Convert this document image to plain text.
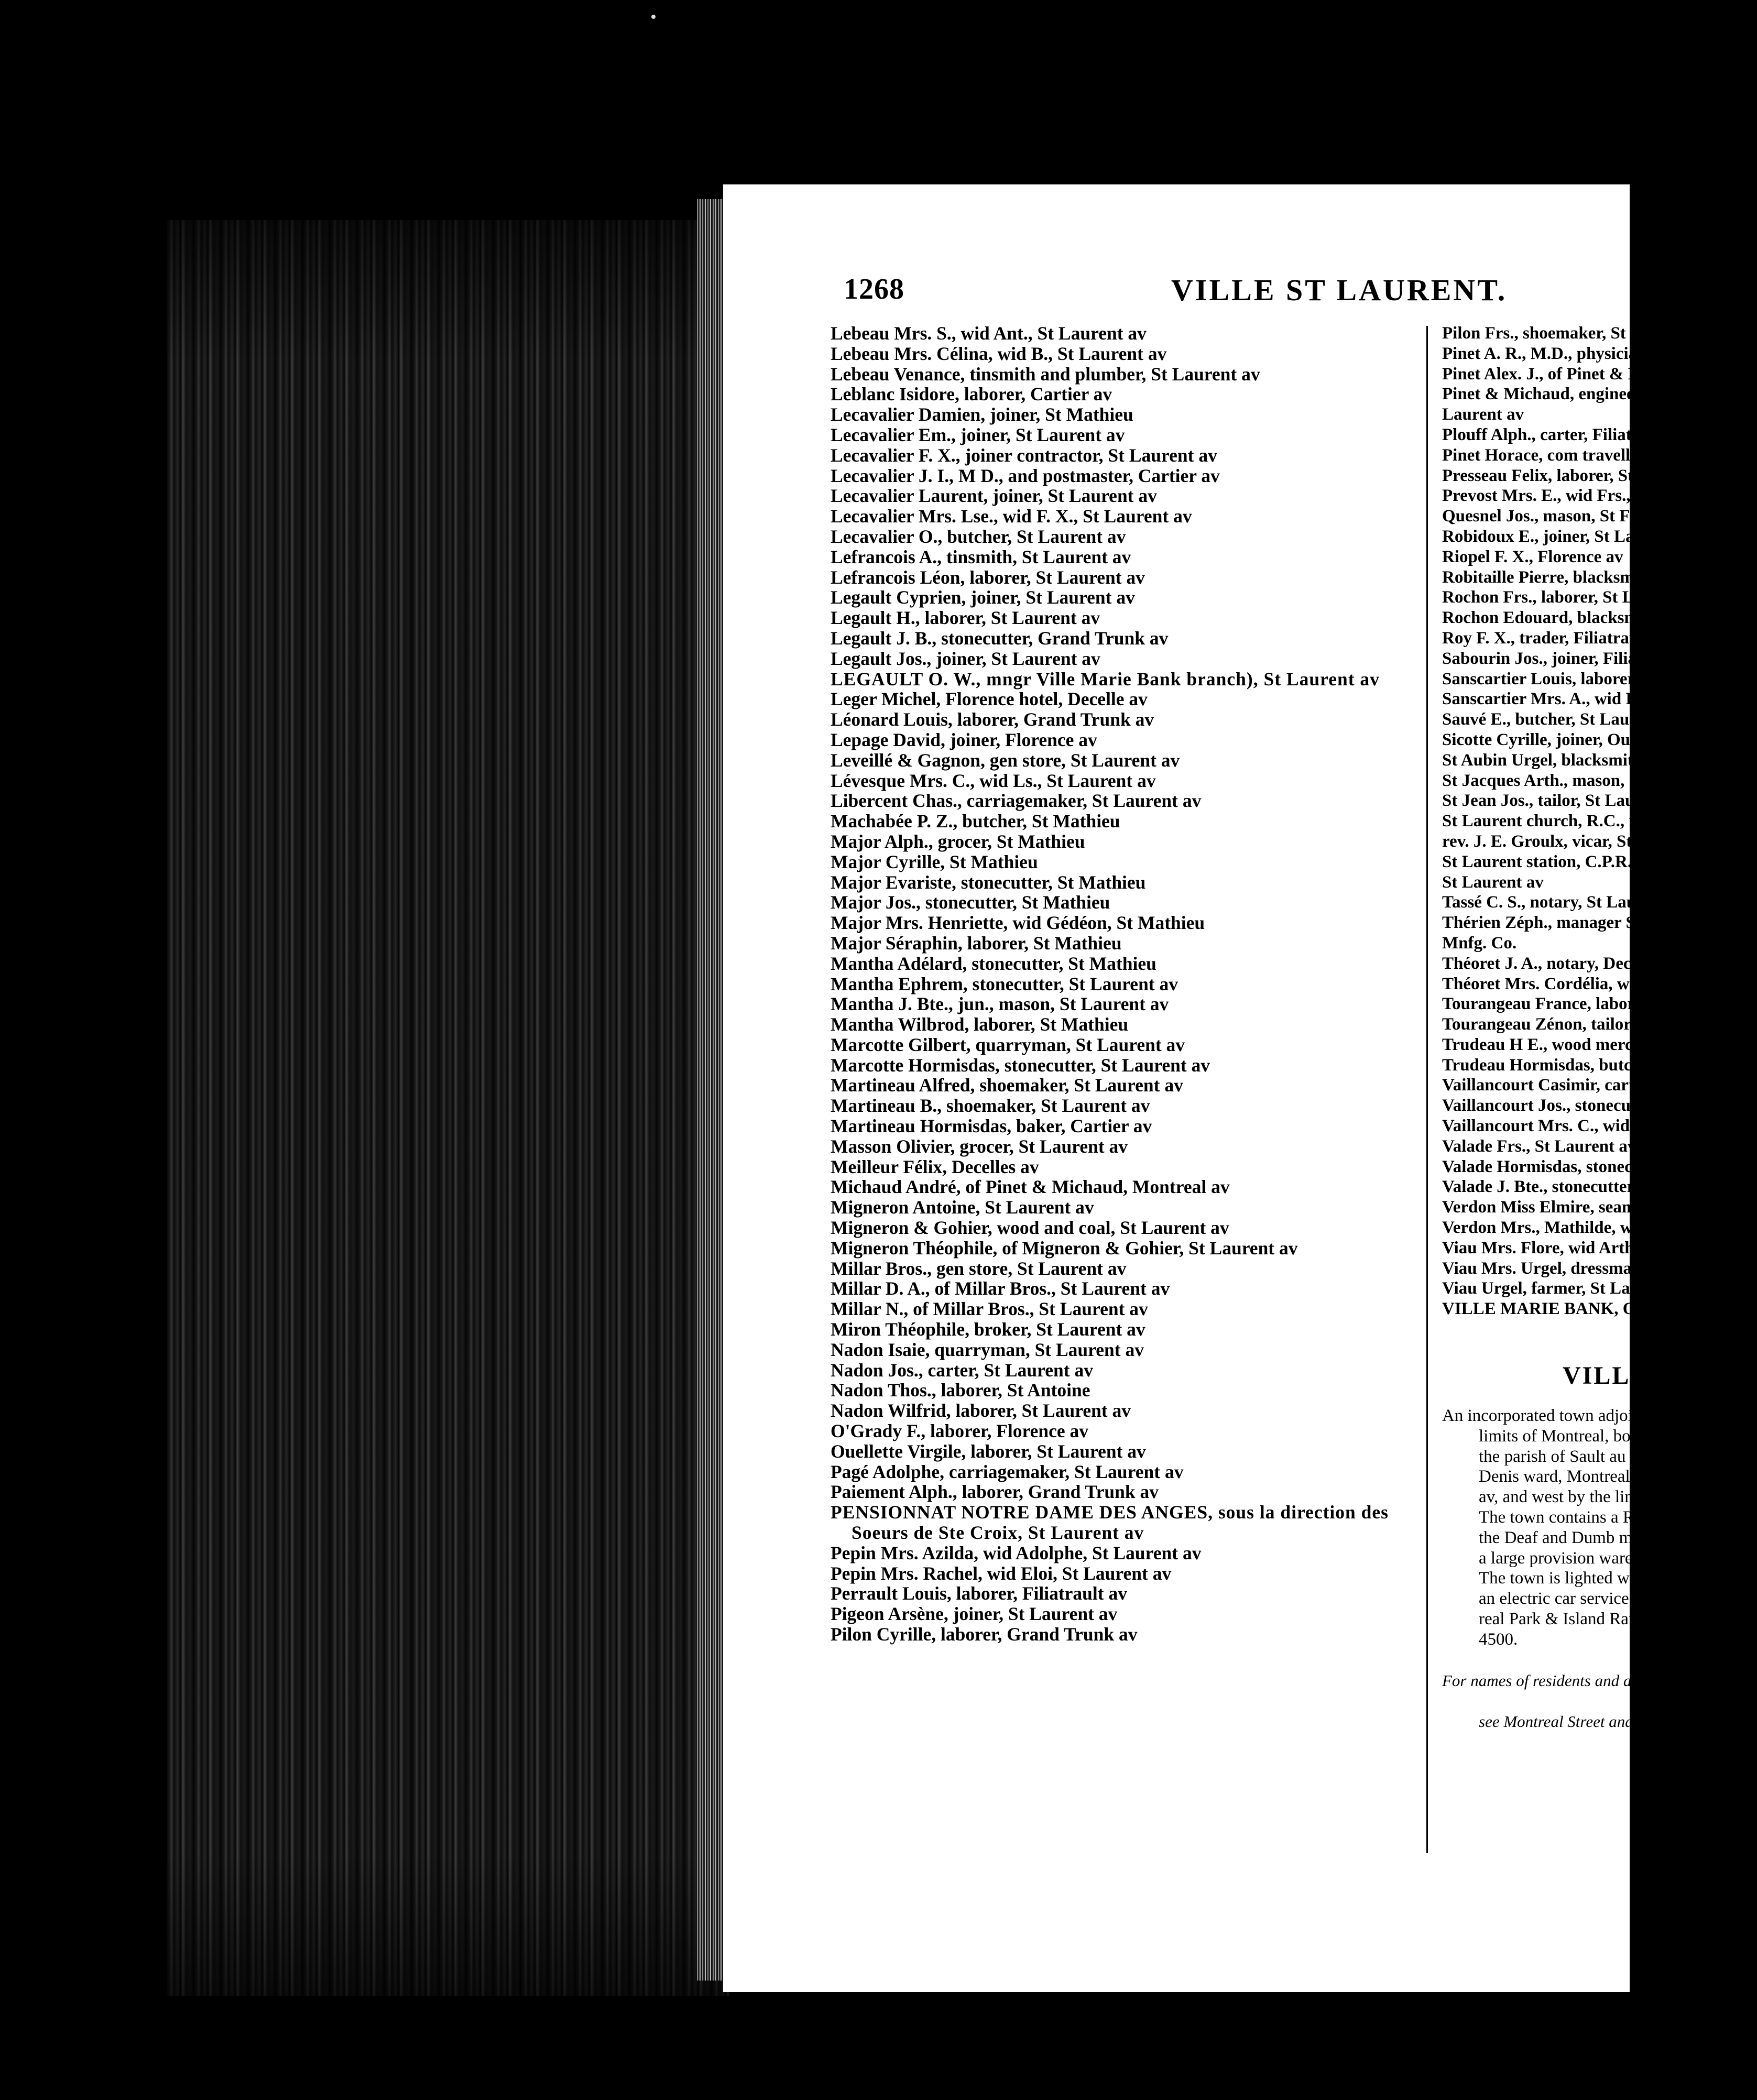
1268	VILLE ST LAURENT.
Lebeau Mrs. S., wid Ant., St Laurent av
Lebeau Mrs. Célina, wid B., St Laurent av
Lebeau Venance, tinsmith and plumber, St Laurent av
Leblanc Isidore, laborer, Cartier av
Lecavalier Damien, joiner, St Mathieu
Lecavalier Em., joiner, St Laurent av
Lecavalier F. X., joiner contractor, St Laurent av
Lecavalier J. I., M D., and postmaster, Cartier av
Lecavalier Laurent, joiner, St Laurent av
Lecavalier Mrs. Lse., wid F. X., St Laurent av
Lecavalier O., butcher, St Laurent av
Lefrancois A., tinsmith, St Laurent av
Lefrancois Léon, laborer, St Laurent av
Legault Cyprien, joiner, St Laurent av
Legault H., laborer, St Laurent av
Legault J. B., stonecutter, Grand Trunk av
Legault Jos., joiner, St Laurent av
LEGAULT O. W., mngr Ville Marie Bank branch), St Laurent av
Leger Michel, Florence hotel, Decelle av
Léonard Louis, laborer, Grand Trunk av
Lepage David, joiner, Florence av
Leveillé & Gagnon, gen store, St Laurent av
Lévesque Mrs. C., wid Ls., St Laurent av
Libercent Chas., carriagemaker, St Laurent av
Machabée P. Z., butcher, St Mathieu
Major Alph., grocer, St Mathieu
Major Cyrille, St Mathieu
Major Evariste, stonecutter, St Mathieu
Major Jos., stonecutter, St Mathieu
Major Mrs. Henriette, wid Gédéon, St Mathieu
Major Séraphin, laborer, St Mathieu
Mantha Adélard, stonecutter, St Mathieu
Mantha Ephrem, stonecutter, St Laurent av
Mantha J. Bte., jun., mason, St Laurent av
Mantha Wilbrod, laborer, St Mathieu
Marcotte Gilbert, quarryman, St Laurent av
Marcotte Hormisdas, stonecutter, St Laurent av
Martineau Alfred, shoemaker, St Laurent av
Martineau B., shoemaker, St Laurent av
Martineau Hormisdas, baker, Cartier av
Masson Olivier, grocer, St Laurent av
Meilleur Félix, Decelles av
Michaud André, of Pinet & Michaud, Montreal av
Migneron Antoine, St Laurent av
Migneron & Gohier, wood and coal, St Laurent av
Migneron Théophile, of Migneron & Gohier, St Laurent av
Millar Bros., gen store, St Laurent av
Millar D. A., of Millar Bros., St Laurent av
Millar N., of Millar Bros., St Laurent av
Miron Théophile, broker, St Laurent av
Nadon Isaie, quarryman, St Laurent av
Nadon Jos., carter, St Laurent av
Nadon Thos., laborer, St Antoine
Nadon Wilfrid, laborer, St Laurent av
O'Grady F., laborer, Florence av
Ouellette Virgile, laborer, St Laurent av
Pagé Adolphe, carriagemaker, St Laurent av
Paiement Alph., laborer, Grand Trunk av
PENSIONNAT NOTRE DAME DES ANGES, sous la direction des Soeurs de Ste Croix, St Laurent av
Pepin Mrs. Azilda, wid Adolphe, St Laurent av
Pepin Mrs. Rachel, wid Eloi, St Laurent av
Perrault Louis, laborer, Filiatrault av
Pigeon Arsène, joiner, St Laurent av
Pilon Cyrille, laborer, Grand Trunk av
Pilon Frs., shoemaker, St L
Pinet A. R., M.D., physician
Pinet Alex. J., of Pinet & M
Pinet & Michaud, engineer
Laurent av
Plouff Alph., carter, Filiatra
Pinet Horace, com traveller,
Presseau Felix, laborer, St M
Prevost Mrs. E., wid Frs., St
Quesnel Jos., mason, St Frs.
Robidoux E., joiner, St Laure
Riopel F. X., Florence av
Robitaille Pierre, blacksmith
Rochon Frs., laborer, St Lau
Rochon Edouard, blacksmith,
Roy F. X., trader, Filiatrault
Sabourin Jos., joiner, Filiatra
Sanscartier Louis, laborer, Car
Sanscartier Mrs. A., wid Loui
Sauvé E., butcher, St Laurent
Sicotte Cyrille, joiner, Ouime
St Aubin Urgel, blacksmith, S
St Jacques Arth., mason, St L
St Jean Jos., tailor, St Laurent
St Laurent church, R.C., rev
rev. J. E. Groulx, vicar, St
St Laurent station, C.P.R., J.
St Laurent av
Tassé C. S., notary, St Laurent
Thérien Zéph., manager St L
Mnfg. Co.
Théoret J. A., notary, Decelles a
Théoret Mrs. Cordélia, wid Dolph
Tourangeau France, laborer, St
Tourangeau Zénon, tailor, St Lau
Trudeau H E., wood merchant, S
Trudeau Hormisdas, butcher, St
Vaillancourt Casimir, carter, Gra
Vaillancourt Jos., stonecutter, C
Vaillancourt Mrs. C., wid Frs., St
Valade Frs., St Laurent av
Valade Hormisdas, stonecutter, S
Valade J. Bte., stonecutter, St La
Verdon Miss Elmire, seamstress,
Verdon Mrs., Mathilde, wid Miche
Viau Mrs. Flore, wid Arthur, 34 S
Viau Mrs. Urgel, dressmaker St L
Viau Urgel, farmer, St Laurent a
VILLE MARIE BANK, O. W. L
VILLE ST LOU
An incorporated town adjoining
limits of Montreal, bounded o
the parish of Sault au Recol
Denis ward, Montreal, south b
av, and west by the limits
The town contains a Romain C
the Deaf and Dumb male instit
a large provision warehouse.
The town is lighted with elect
an electric car service supplied
real Park & Island Railway Co
4500.
For names of residents and a guide
see Montreal Street and Alphabet
